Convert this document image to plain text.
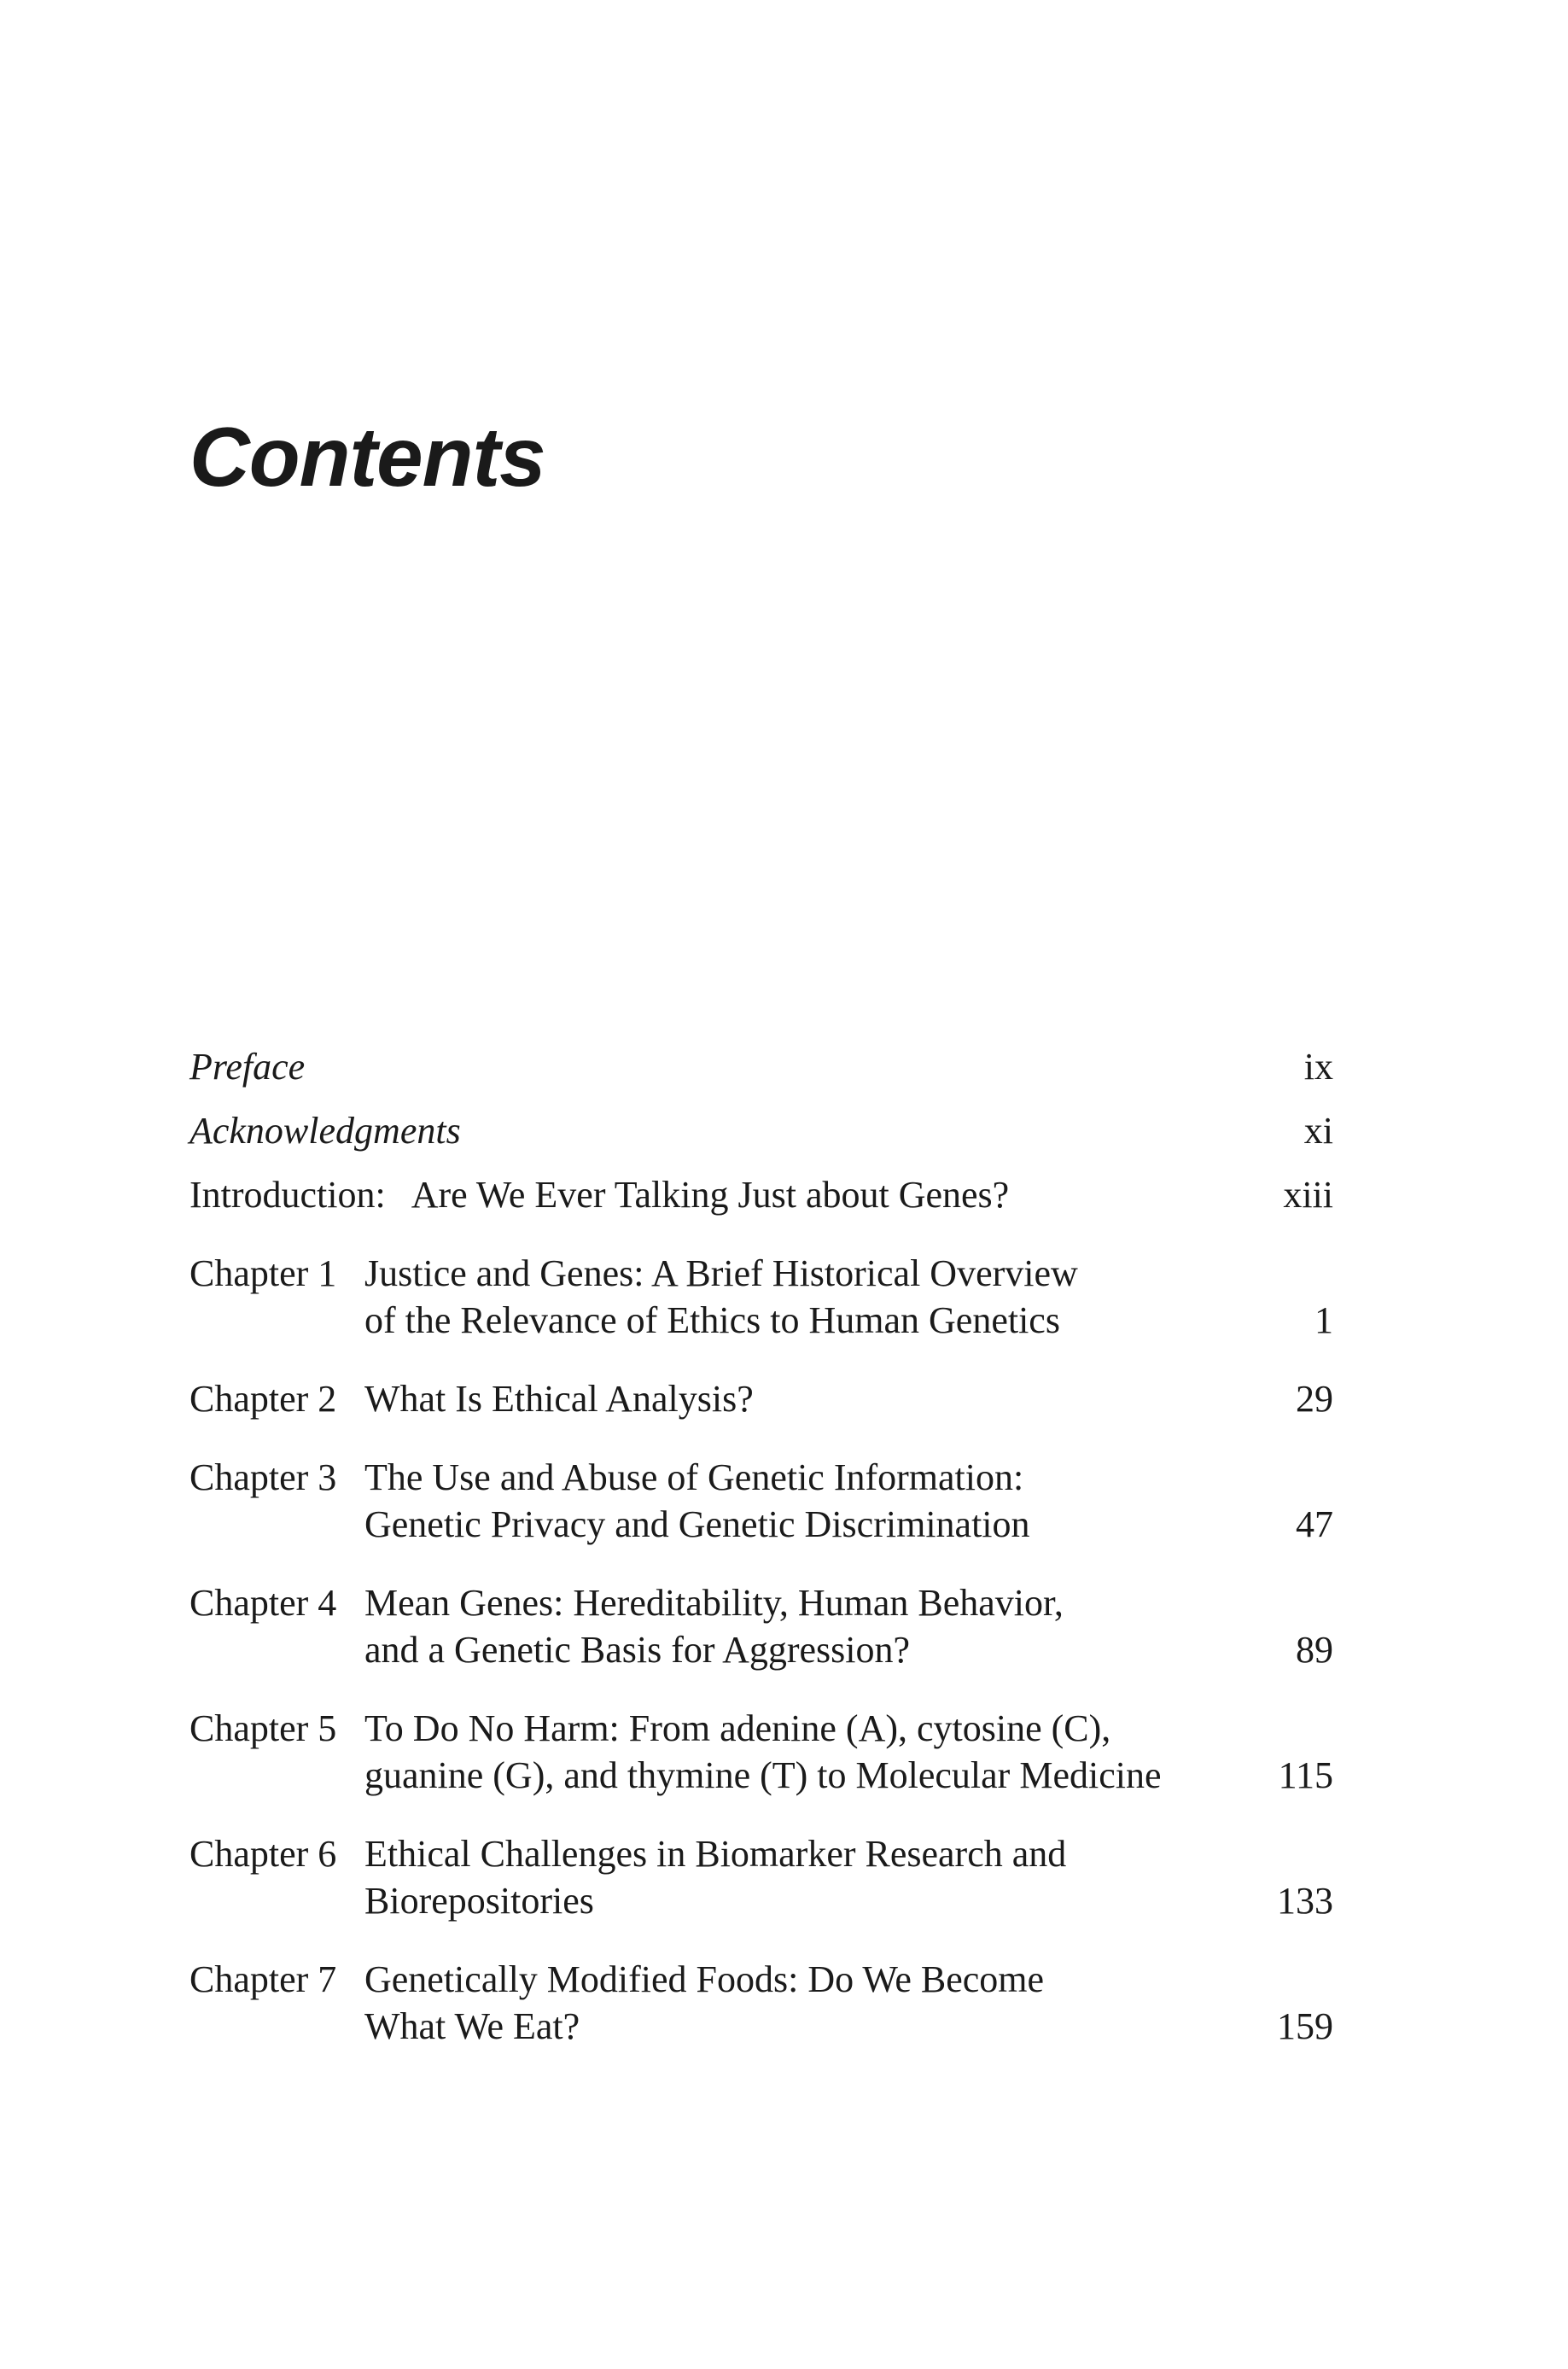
Contents
Preface	ix
Acknowledgments	xi
Introduction: Are We Ever Talking Just about Genes?	xiii
Chapter 1 Justice and Genes: A Brief Historical Overview
of the Relevance of Ethics to Human Genetics	1
Chapter 2 What Is Ethical Analysis?	29
Chapter 3 The Use and Abuse of Genetic Information:
Genetic Privacy and Genetic Discrimination	47
Chapter 4 Mean Genes: Hereditability, Human Behavior,
and a Genetic Basis for Aggression?	89
Chapter 5 To Do No Harm: From adenine (A), cytosine (C),
guanine (G), and thymine (T) to Molecular Medicine	115
Chapter 6 Ethical Challenges in Biomarker Research and
Biorepositories	133
Chapter 7 Genetically Modified Foods: Do We Become
What We Eat?	159
